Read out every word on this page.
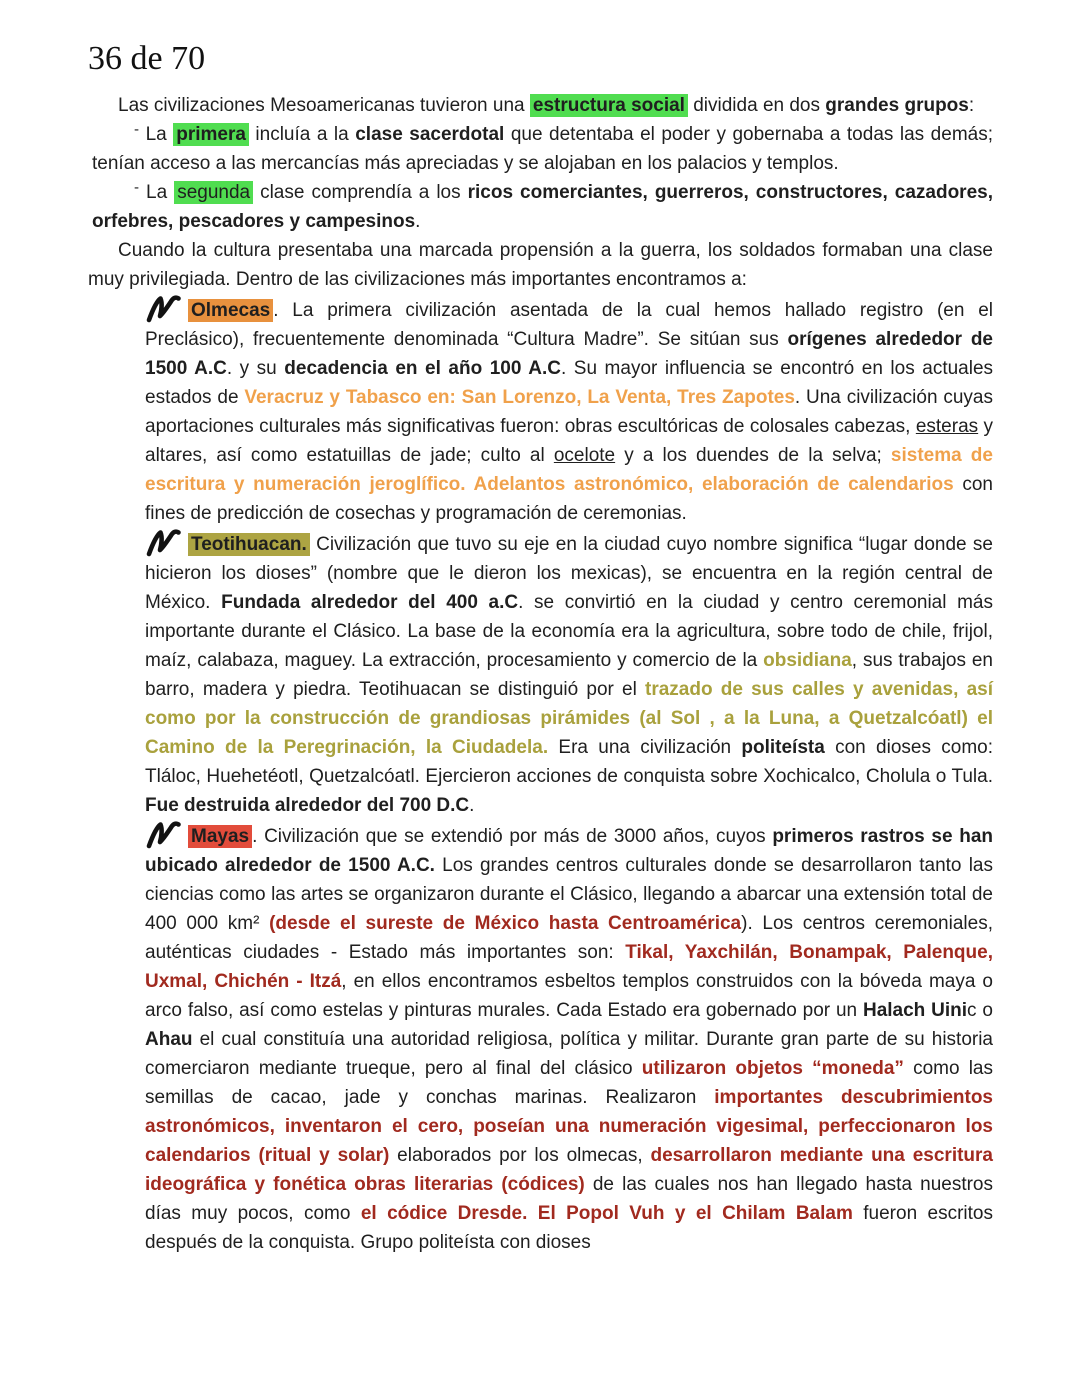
36 de 70

Las civilizaciones Mesoamericanas tuvieron una estructura social dividida en dos grandes grupos:

- La primera incluía a la clase sacerdotal que detentaba el poder y gobernaba a todas las demás; tenían acceso a las mercancías más apreciadas y se alojaban en los palacios y templos.

- La segunda clase comprendía a los ricos comerciantes, guerreros, constructores, cazadores, orfebres, pescadores y campesinos.

Cuando la cultura presentaba una marcada propensión a la guerra, los soldados formaban una clase muy privilegiada. Dentro de las civilizaciones más importantes encontramos a:

Olmecas . La primera civilización asentada de la cual hemos hallado registro (en el Preclásico), frecuentemente denominada “Cultura Madre”. Se sitúan sus orígenes alrededor de 1500 A.C. y su decadencia en el año 100 A.C. Su mayor influencia se encontró en los actuales estados de Veracruz y Tabasco en: San Lorenzo, La Venta, Tres Zapotes. Una civilización cuyas aportaciones culturales más significativas fueron: obras escultóricas de colosales cabezas, esteras y altares, así como estatuillas de jade; culto al ocelote y a los duendes de la selva; sistema de escritura y numeración jeroglífico. Adelantos astronómico, elaboración de calendarios con fines de predicción de cosechas y programación de ceremonias.

Teotihuacan. Civilización que tuvo su eje en la ciudad cuyo nombre significa “lugar donde se hicieron los dioses” (nombre que le dieron los mexicas), se encuentra en la región central de México. Fundada alrededor del 400 a.C. se convirtió en la ciudad y centro ceremonial más importante durante el Clásico. La base de la economía era la agricultura, sobre todo de chile, frijol, maíz, calabaza, maguey. La extracción, procesamiento y comercio de la obsidiana, sus trabajos en barro, madera y piedra. Teotihuacan se distinguió por el trazado de sus calles y avenidas, así como por la construcción de grandiosas pirámides (al Sol , a la Luna, a Quetzalcóatl) el Camino de la Peregrinación, la Ciudadela. Era una civilización politeísta con dioses como: Tláloc, Huehetéotl, Quetzalcóatl. Ejercieron acciones de conquista sobre Xochicalco, Cholula o Tula. Fue destruida alrededor del 700 D.C.

Mayas . Civilización que se extendió por más de 3000 años, cuyos primeros rastros se han ubicado alrededor de 1500 A.C. Los grandes centros culturales donde se desarrollaron tanto las ciencias como las artes se organizaron durante el Clásico, llegando a abarcar una extensión total de 400 000 km² (desde el sureste de México hasta Centroamérica). Los centros ceremoniales, auténticas ciudades - Estado más importantes son: Tikal, Yaxchilán, Bonampak, Palenque, Uxmal, Chichén - Itzá, en ellos encontramos esbeltos templos construidos con la bóveda maya o arco falso, así como estelas y pinturas murales. Cada Estado era gobernado por un Halach Uinic o Ahau el cual constituía una autoridad religiosa, política y militar. Durante gran parte de su historia comerciaron mediante trueque, pero al final del clásico utilizaron objetos “moneda” como las semillas de cacao, jade y conchas marinas. Realizaron importantes descubrimientos astronómicos, inventaron el cero, poseían una numeración vigesimal, perfeccionaron los calendarios (ritual y solar) elaborados por los olmecas, desarrollaron mediante una escritura ideográfica y fonética obras literarias (códices) de las cuales nos han llegado hasta nuestros días muy pocos, como el códice Dresde. El Popol Vuh y el Chilam Balam fueron escritos después de la conquista. Grupo politeísta con dioses
